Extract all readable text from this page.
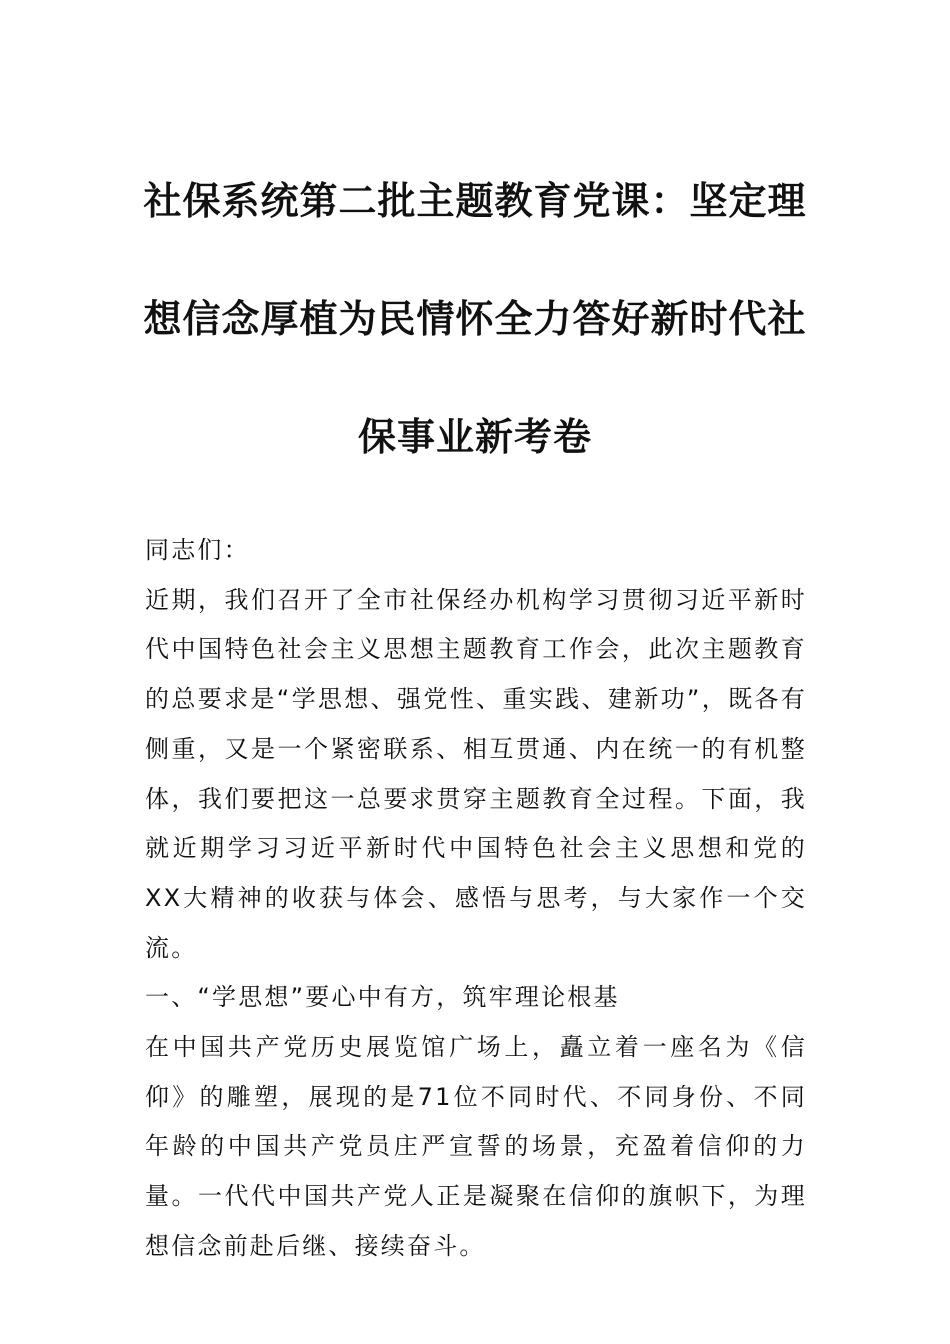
社保系统第二批主题教育党课：坚定理想信念厚植为民情怀全力答好新时代社保事业新考卷

同志们：

近期，我们召开了全市社保经办机构学习贯彻习近平新时代中国特色社会主义思想主题教育工作会，此次主题教育的总要求是“学思想、强党性、重实践、建新功”，既各有侧重，又是一个紧密联系、相互贯通、内在统一的有机整体，我们要把这一总要求贯穿主题教育全过程。下面，我就近期学习习近平新时代中国特色社会主义思想和党的XX大精神的收获与体会、感悟与思考，与大家作一个交流。

一、“学思想”要心中有方，筑牢理论根基

在中国共产党历史展览馆广场上，矗立着一座名为《信仰》的雕塑，展现的是71位不同时代、不同身份、不同年龄的中国共产党员庄严宣誓的场景，充盈着信仰的力量。一代代中国共产党人正是凝聚在信仰的旗帜下，为理想信念前赴后继、接续奋斗。
